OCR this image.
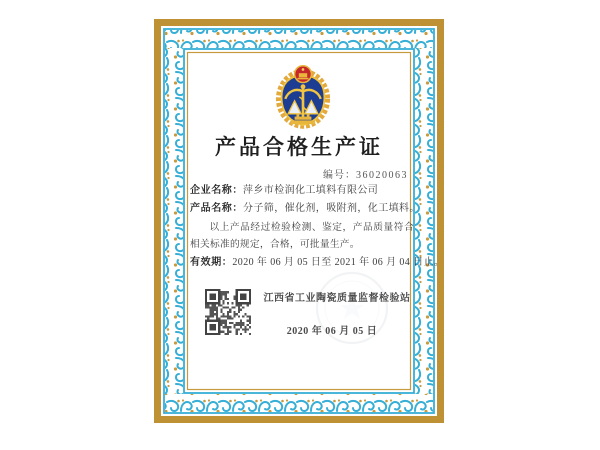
产品合格生产证
编号：36020063
企业名称：萍乡市检润化工填料有限公司
产品名称：分子筛，催化剂，吸附剂，化工填料。

以上产品经过检验检测、鉴定，产品质量符合相关标准的规定，合格，可批量生产。

有效期：2020 年 06 月 05 日至 2021 年 06 月 04 日止。
江西省工业陶瓷质量监督检验站
2020 年 06 月 05 日
